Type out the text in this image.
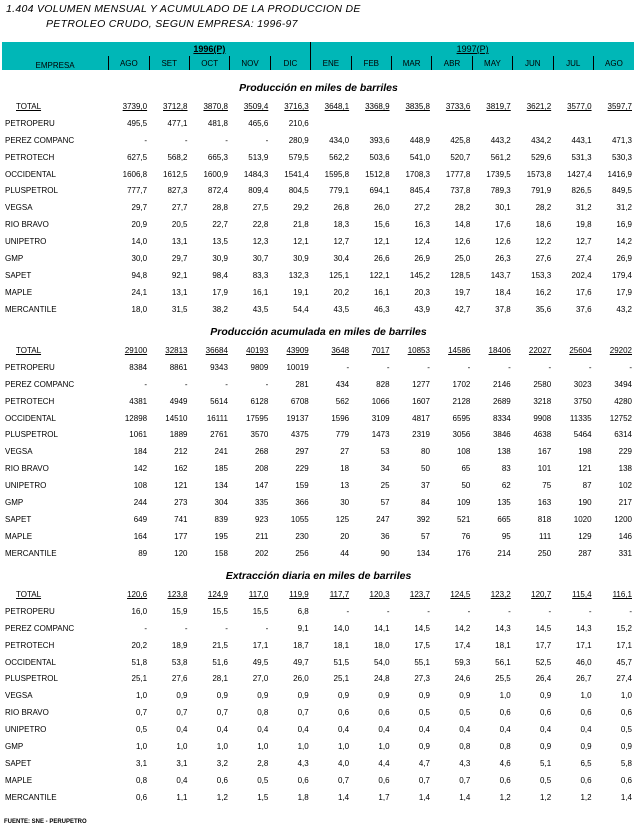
1.404 VOLUMEN MENSUAL Y ACUMULADO DE LA PRODUCCION DE
PETROLEO CRUDO, SEGUN EMPRESA: 1996-97
EMPRESA	1996(P)					1997(P)							
	AGO	SET	OCT	NOV	DIC	ENE	FEB	MAR	ABR	MAY	JUN	JUL	AGO
Producción en miles de barriles
TOTAL	3739,0	3712,8	3870,8	3509,4	3716,3	3648,1	3368,9	3835,8	3733,6	3819,7	3621,2	3577,0	3597,7
PETROPERU	495,5	477,1	481,8	465,6	210,6								
PEREZ COMPANC	-	-	-	-	280,9	434,0	393,6	448,9	425,8	443,2	434,2	443,1	471,3
PETROTECH	627,5	568,2	665,3	513,9	579,5	562,2	503,6	541,0	520,7	561,2	529,6	531,3	530,3
OCCIDENTAL	1606,8	1612,5	1600,9	1484,3	1541,4	1595,8	1512,8	1708,3	1777,8	1739,5	1573,8	1427,4	1416,9
PLUSPETROL	777,7	827,3	872,4	809,4	804,5	779,1	694,1	845,4	737,8	789,3	791,9	826,5	849,5
VEGSA	29,7	27,7	28,8	27,5	29,2	26,8	26,0	27,2	28,2	30,1	28,2	31,2	31,2
RIO BRAVO	20,9	20,5	22,7	22,8	21,8	18,3	15,6	16,3	14,8	17,6	18,6	19,8	16,9
UNIPETRO	14,0	13,1	13,5	12,3	12,1	12,7	12,1	12,4	12,6	12,6	12,2	12,7	14,2
GMP	30,0	29,7	30,9	30,7	30,9	30,4	26,6	26,9	25,0	26,3	27,6	27,4	26,9
SAPET	94,8	92,1	98,4	83,3	132,3	125,1	122,1	145,2	128,5	143,7	153,3	202,4	179,4
MAPLE	24,1	13,1	17,9	16,1	19,1	20,2	16,1	20,3	19,7	18,4	16,2	17,6	17,9
MERCANTILE	18,0	31,5	38,2	43,5	54,4	43,5	46,3	43,9	42,7	37,8	35,6	37,6	43,2
Producción acumulada en miles de barriles
TOTAL	29100	32813	36684	40193	43909	3648	7017	10853	14586	18406	22027	25604	29202
PETROPERU	8384	8861	9343	9809	10019	-	-	-	-	-	-	-	-
PEREZ COMPANC	-	-	-	-	281	434	828	1277	1702	2146	2580	3023	3494
PETROTECH	4381	4949	5614	6128	6708	562	1066	1607	2128	2689	3218	3750	4280
OCCIDENTAL	12898	14510	16111	17595	19137	1596	3109	4817	6595	8334	9908	11335	12752
PLUSPETROL	1061	1889	2761	3570	4375	779	1473	2319	3056	3846	4638	5464	6314
VEGSA	184	212	241	268	297	27	53	80	108	138	167	198	229
RIO BRAVO	142	162	185	208	229	18	34	50	65	83	101	121	138
UNIPETRO	108	121	134	147	159	13	25	37	50	62	75	87	102
GMP	244	273	304	335	366	30	57	84	109	135	163	190	217
SAPET	649	741	839	923	1055	125	247	392	521	665	818	1020	1200
MAPLE	164	177	195	211	230	20	36	57	76	95	111	129	146
MERCANTILE	89	120	158	202	256	44	90	134	176	214	250	287	331
Extracción diaria en miles de barriles
TOTAL	120,6	123,8	124,9	117,0	119,9	117,7	120,3	123,7	124,5	123,2	120,7	115,4	116,1
PETROPERU	16,0	15,9	15,5	15,5	6,8	-	-	-	-	-	-	-	-
PEREZ COMPANC	-	-	-	-	9,1	14,0	14,1	14,5	14,2	14,3	14,5	14,3	15,2
PETROTECH	20,2	18,9	21,5	17,1	18,7	18,1	18,0	17,5	17,4	18,1	17,7	17,1	17,1
OCCIDENTAL	51,8	53,8	51,6	49,5	49,7	51,5	54,0	55,1	59,3	56,1	52,5	46,0	45,7
PLUSPETROL	25,1	27,6	28,1	27,0	26,0	25,1	24,8	27,3	24,6	25,5	26,4	26,7	27,4
VEGSA	1,0	0,9	0,9	0,9	0,9	0,9	0,9	0,9	0,9	1,0	0,9	1,0	1,0
RIO BRAVO	0,7	0,7	0,7	0,8	0,7	0,6	0,6	0,5	0,5	0,6	0,6	0,6	0,6
UNIPETRO	0,5	0,4	0,4	0,4	0,4	0,4	0,4	0,4	0,4	0,4	0,4	0,4	0,5
GMP	1,0	1,0	1,0	1,0	1,0	1,0	1,0	0,9	0,8	0,8	0,9	0,9	0,9
SAPET	3,1	3,1	3,2	2,8	4,3	4,0	4,4	4,7	4,3	4,6	5,1	6,5	5,8
MAPLE	0,8	0,4	0,6	0,5	0,6	0,7	0,6	0,7	0,7	0,6	0,5	0,6	0,6
MERCANTILE	0,6	1,1	1,2	1,5	1,8	1,4	1,7	1,4	1,4	1,2	1,2	1,2	1,4
FUENTE: SNE - PERUPETRO
